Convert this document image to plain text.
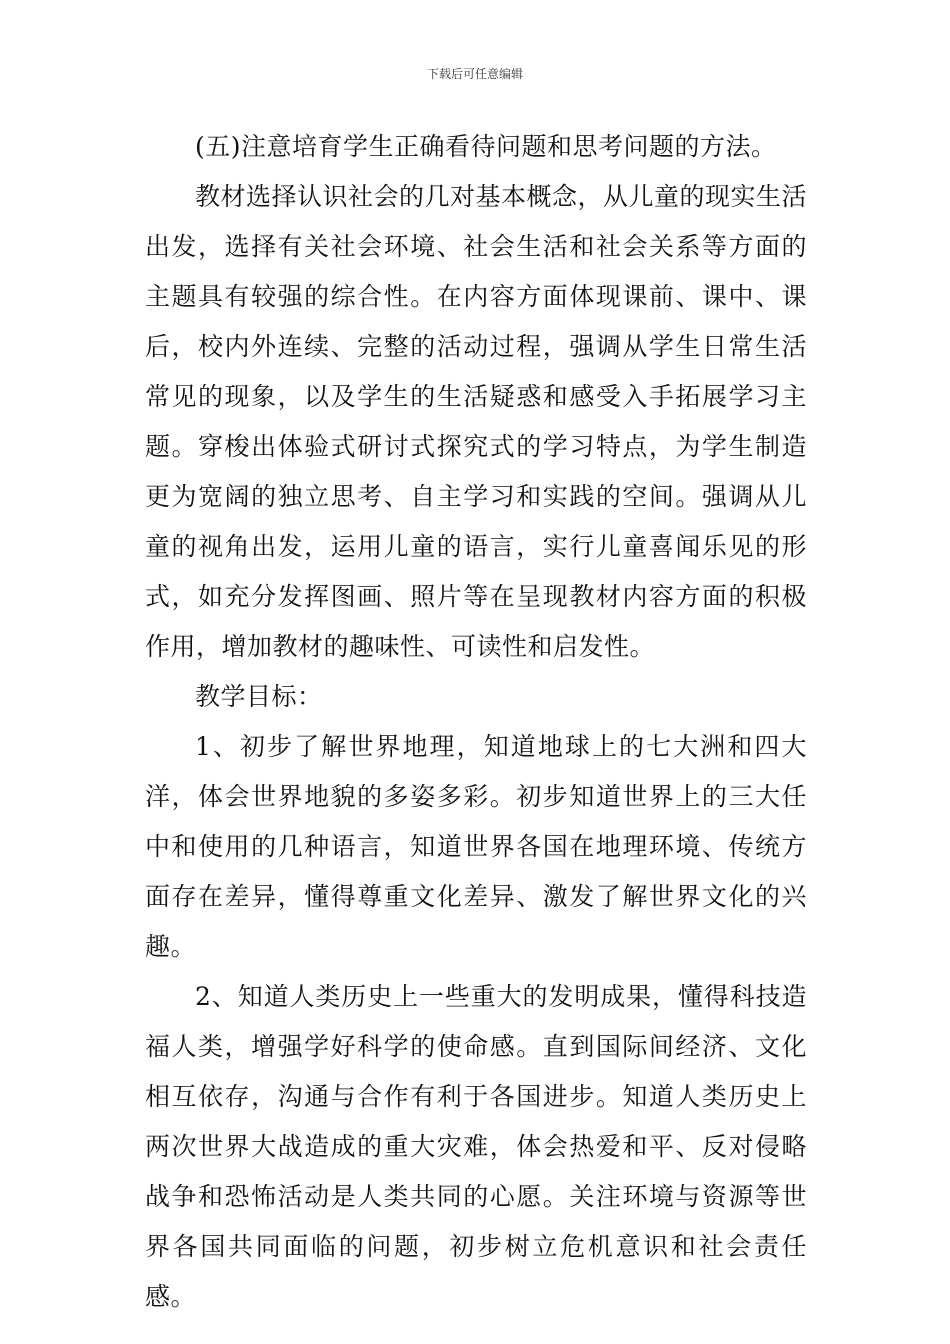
下载后可任意编辑

(五)注意培育学生正确看待问题和思考问题的方法。

教材选择认识社会的几对基本概念，从儿童的现实生活出发，选择有关社会环境、社会生活和社会关系等方面的主题具有较强的综合性。在内容方面体现课前、课中、课后，校内外连续、完整的活动过程，强调从学生日常生活常见的现象，以及学生的生活疑惑和感受入手拓展学习主题。穿梭出体验式研讨式探究式的学习特点，为学生制造更为宽阔的独立思考、自主学习和实践的空间。强调从儿童的视角出发，运用儿童的语言，实行儿童喜闻乐见的形式，如充分发挥图画、照片等在呈现教材内容方面的积极作用，增加教材的趣味性、可读性和启发性。

教学目标：

1、初步了解世界地理，知道地球上的七大洲和四大洋，体会世界地貌的多姿多彩。初步知道世界上的三大任中和使用的几种语言，知道世界各国在地理环境、传统方面存在差异，懂得尊重文化差异、激发了解世界文化的兴趣。

2、知道人类历史上一些重大的发明成果，懂得科技造福人类，增强学好科学的使命感。直到国际间经济、文化相互依存，沟通与合作有利于各国进步。知道人类历史上两次世界大战造成的重大灾难，体会热爱和平、反对侵略战争和恐怖活动是人类共同的心愿。关注环境与资源等世界各国共同面临的问题，初步树立危机意识和社会责任感。
